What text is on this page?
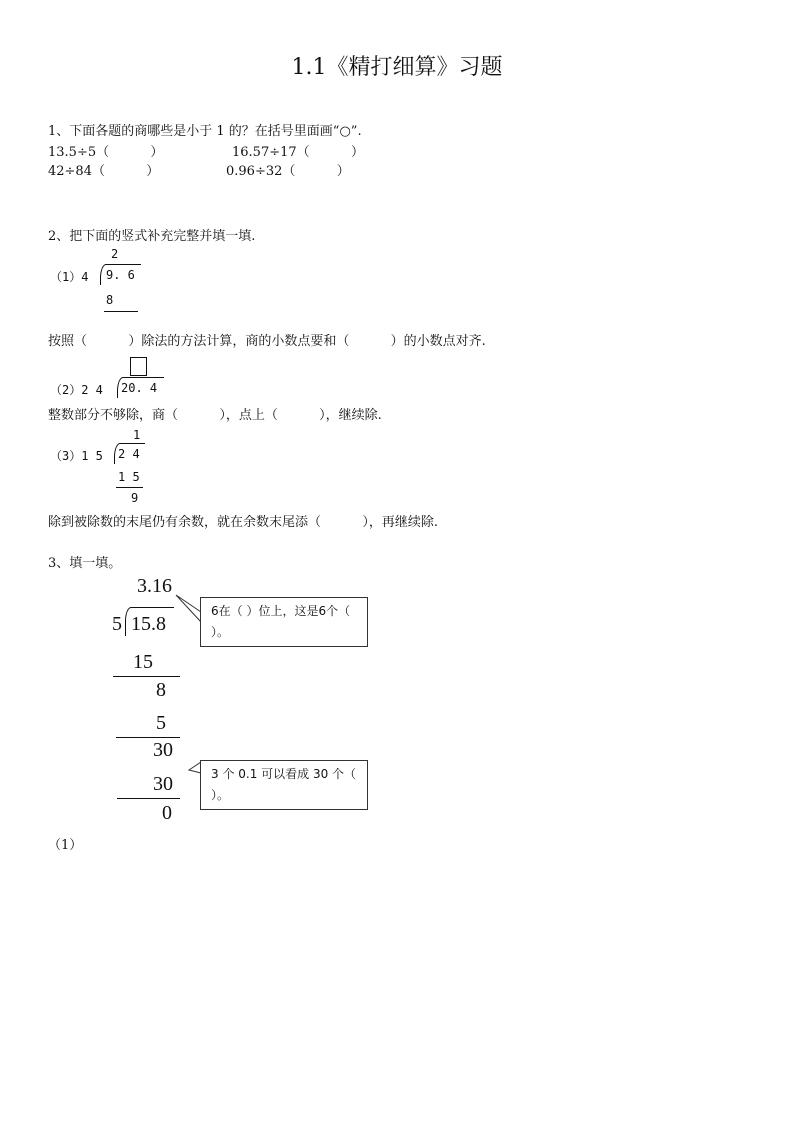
1.1《精打细算》习题
1、下面各题的商哪些是小于 1 的？在括号里面画“○”.
13.5÷5（          ）	16.57÷17（          ）
42÷84（          ）	0.96÷32（          ）
2、把下面的竖式补充完整并填一填.
2
（1）4 9. 6
8
按照（          ）除法的方法计算，商的小数点要和（          ）的小数点对齐.
（2）2 4 20. 4
整数部分不够除，商（          ），点上（          ），继续除.
1
（3）1 5 2 4
1 5
9
除到被除数的末尾仍有余数，就在余数末尾添（          ），再继续除.
3、填一填。
3.16
5 15.8
15
8
5
30
30
0
6在（ ）位上，这是6个（ ）。
3 个 0.1 可以看成 30 个（ ）。
（1）
